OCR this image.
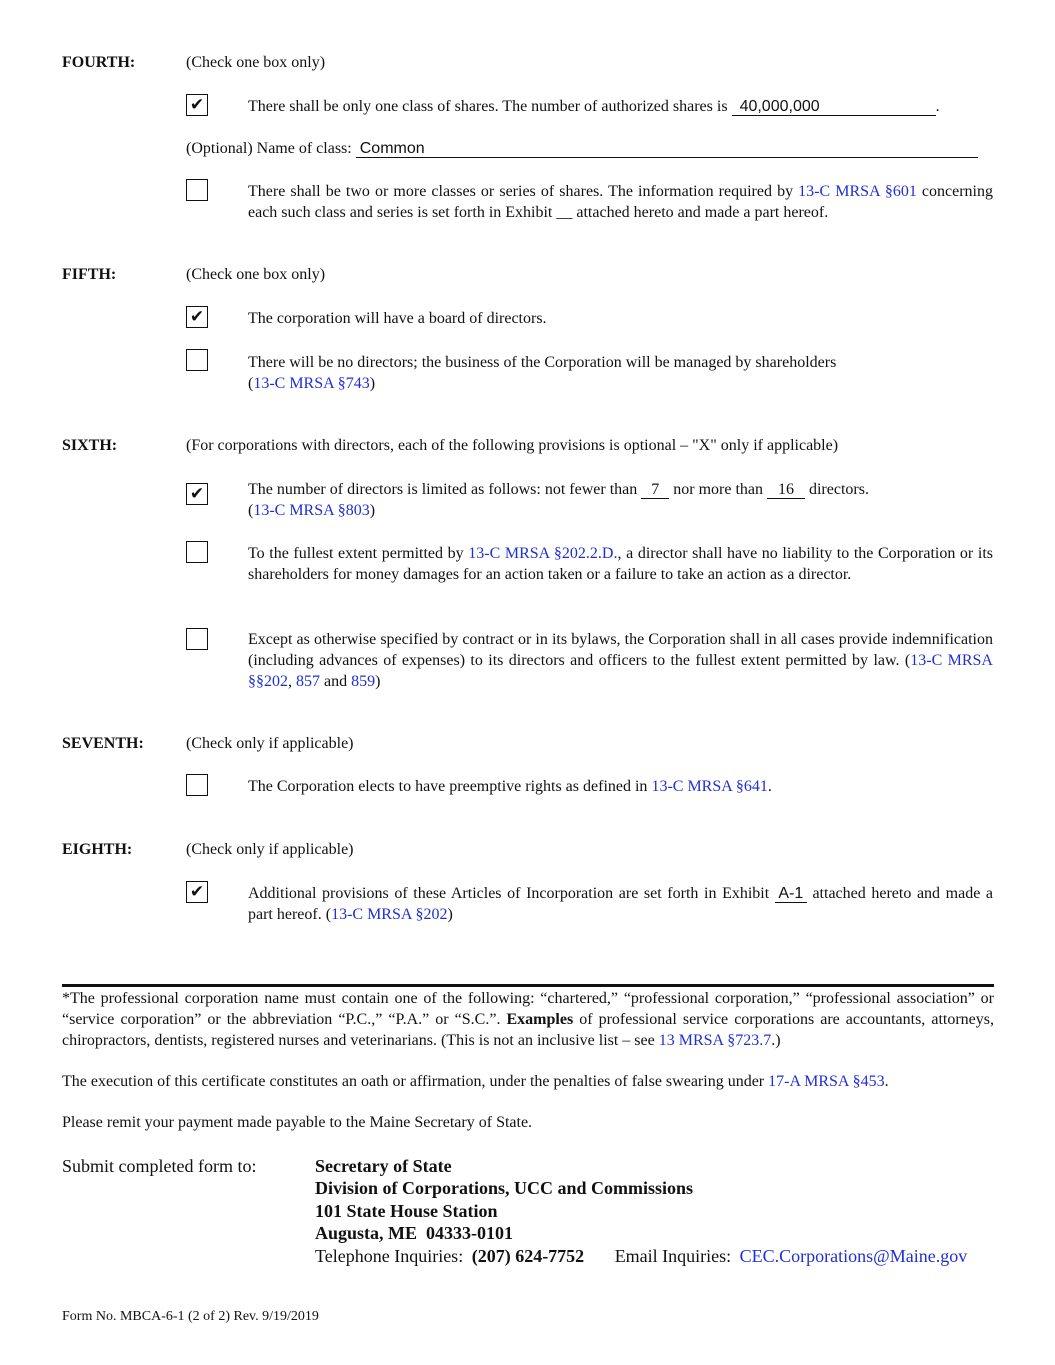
FOURTH:	(Check one box only)
✔	There shall be only one class of shares. The number of authorized shares is 40,000,000	.
(Optional) Name of class: Common
There shall be two or more classes or series of shares. The information required by 13-C MRSA §601 concerning each such class and series is set forth in Exhibit __ attached hereto and made a part hereof.
FIFTH:	(Check one box only)
✔	The corporation will have a board of directors.
There will be no directors; the business of the Corporation will be managed by shareholders
(13-C MRSA §743)
SIXTH:	(For corporations with directors, each of the following provisions is optional – "X" only if applicable)
✔	The number of directors is limited as follows: not fewer than 7 nor more than 16 directors.
(13-C MRSA §803)
To the fullest extent permitted by 13-C MRSA §202.2.D., a director shall have no liability to the Corporation or its shareholders for money damages for an action taken or a failure to take an action as a director.
Except as otherwise specified by contract or in its bylaws, the Corporation shall in all cases provide indemnification (including advances of expenses) to its directors and officers to the fullest extent permitted by law. (13-C MRSA §§202, 857 and 859)
SEVENTH:	(Check only if applicable)
The Corporation elects to have preemptive rights as defined in 13-C MRSA §641.
EIGHTH:	(Check only if applicable)
✔	Additional provisions of these Articles of Incorporation are set forth in Exhibit A-1 attached hereto and made a part hereof. (13-C MRSA §202)
*The professional corporation name must contain one of the following: “chartered,” “professional corporation,” “professional association” or “service corporation” or the abbreviation “P.C.,” “P.A.” or “S.C.”. Examples of professional service corporations are accountants, attorneys, chiropractors, dentists, registered nurses and veterinarians. (This is not an inclusive list – see 13 MRSA §723.7.)
The execution of this certificate constitutes an oath or affirmation, under the penalties of false swearing under 17-A MRSA §453.
Please remit your payment made payable to the Maine Secretary of State.
Submit completed form to:	Secretary of State
Division of Corporations, UCC and Commissions
101 State House Station
Augusta, ME  04333-0101
Telephone Inquiries: (207) 624-7752 Email Inquiries: CEC.Corporations@Maine.gov
Form No. MBCA-6-1 (2 of 2) Rev. 9/19/2019
